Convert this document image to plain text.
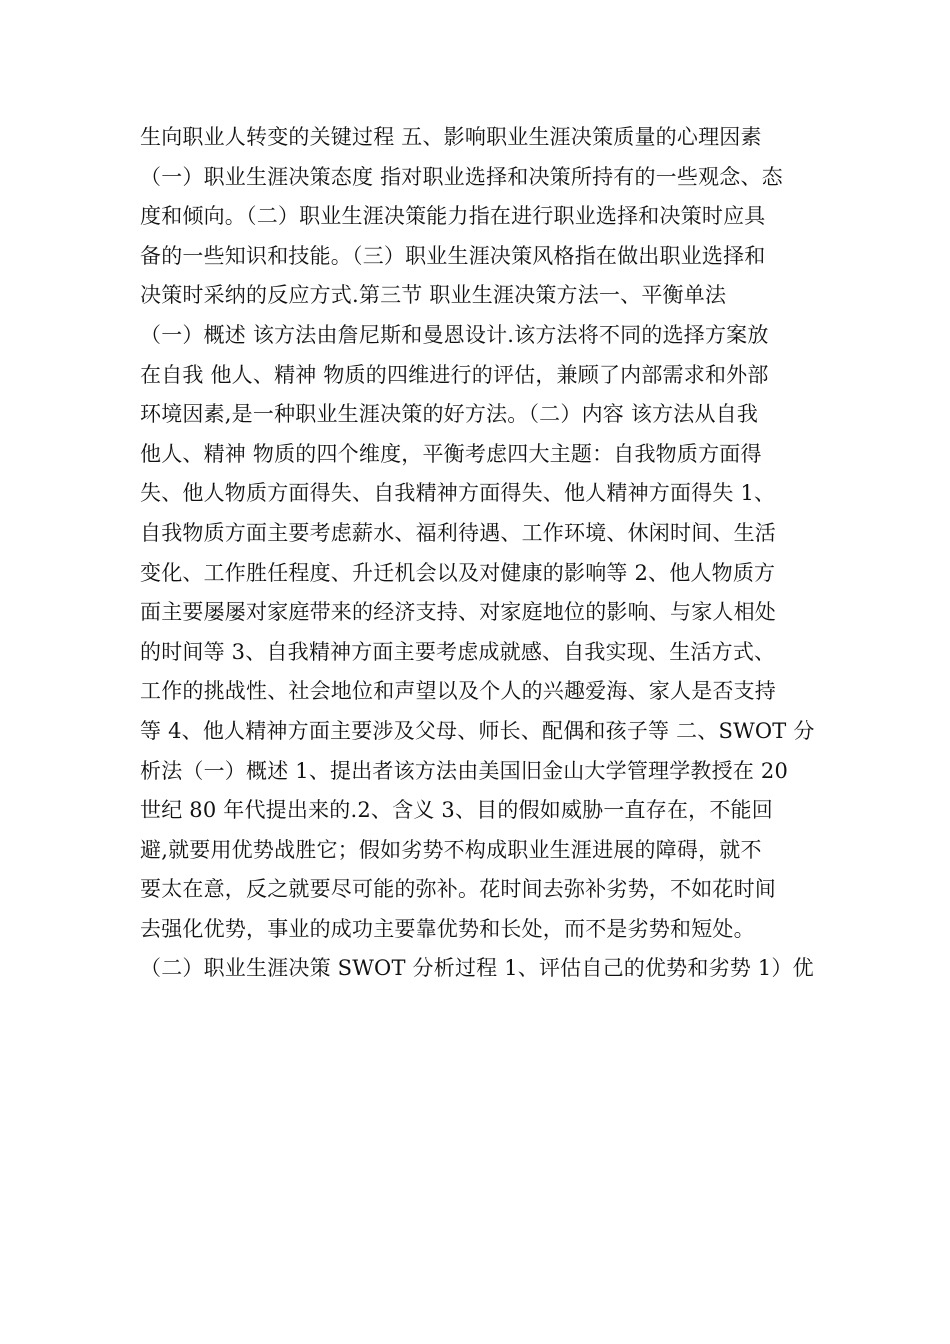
生向职业人转变的关键过程 五、影响职业生涯决策质量的心理因素
（一）职业生涯决策态度 指对职业选择和决策所持有的一些观念、态
度和倾向。（二）职业生涯决策能力指在进行职业选择和决策时应具
备的一些知识和技能。（三）职业生涯决策风格指在做出职业选择和
决策时采纳的反应方式.第三节 职业生涯决策方法一、平衡单法
（一）概述 该方法由詹尼斯和曼恩设计.该方法将不同的选择方案放
在自我 他人、精神 物质的四维进行的评估，兼顾了内部需求和外部
环境因素,是一种职业生涯决策的好方法。（二）内容 该方法从自我
他人、精神 物质的四个维度，平衡考虑四大主题：自我物质方面得
失、他人物质方面得失、自我精神方面得失、他人精神方面得失 1、
自我物质方面主要考虑薪水、福利待遇、工作环境、休闲时间、生活
变化、工作胜任程度、升迁机会以及对健康的影响等 2、他人物质方
面主要屡屡对家庭带来的经济支持、对家庭地位的影响、与家人相处
的时间等 3、自我精神方面主要考虑成就感、自我实现、生活方式、
工作的挑战性、社会地位和声望以及个人的兴趣爱海、家人是否支持
等 4、他人精神方面主要涉及父母、师长、配偶和孩子等 二、SWOT 分
析法（一）概述 1、提出者该方法由美国旧金山大学管理学教授在 20
世纪 80 年代提出来的.2、含义 3、目的假如威胁一直存在，不能回
避,就要用优势战胜它；假如劣势不构成职业生涯进展的障碍，就不
要太在意，反之就要尽可能的弥补。花时间去弥补劣势，不如花时间
去强化优势，事业的成功主要靠优势和长处，而不是劣势和短处。
（二）职业生涯决策 SWOT 分析过程 1、评估自己的优势和劣势 1）优
